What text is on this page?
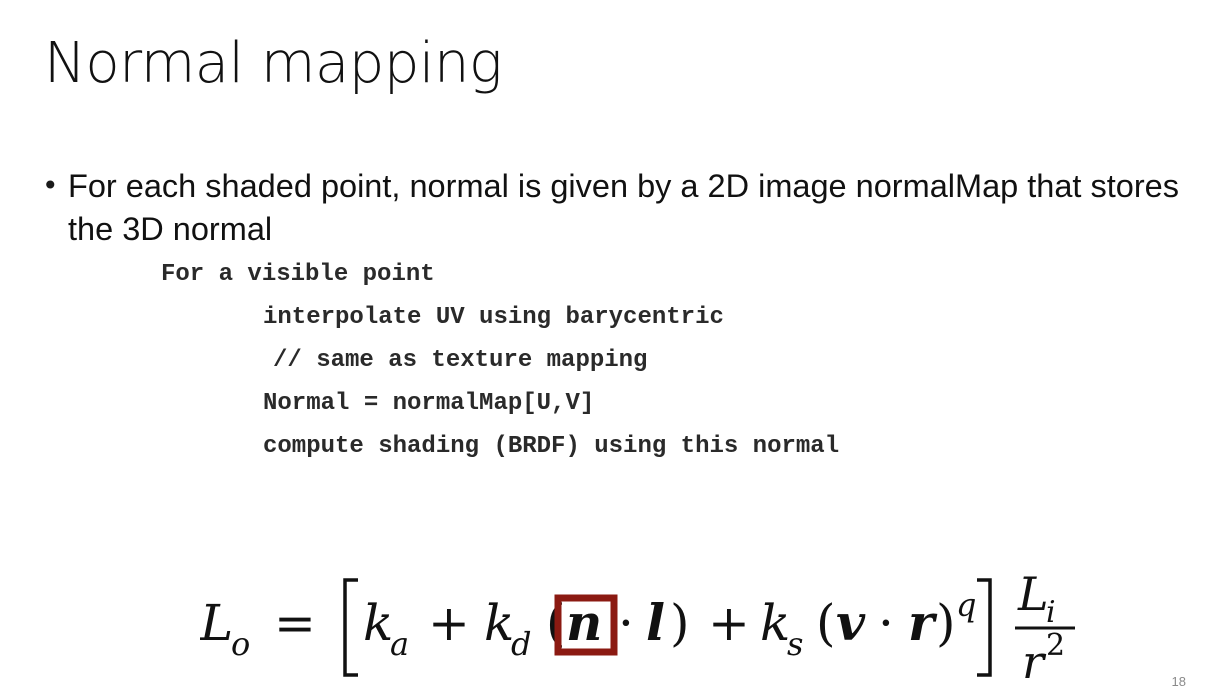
Normal mapping
• For each shaded point, normal is given by a 2D image normalMap that stores the 3D normal
For a visible point
interpolate UV using barycentric
// same as texture mapping
Normal = normalMap[U,V]
compute shading (BRDF) using this normal
L
o = k
a + k
d ( n · l ) + k
s ( v · r ) q L
i
r 2
18
